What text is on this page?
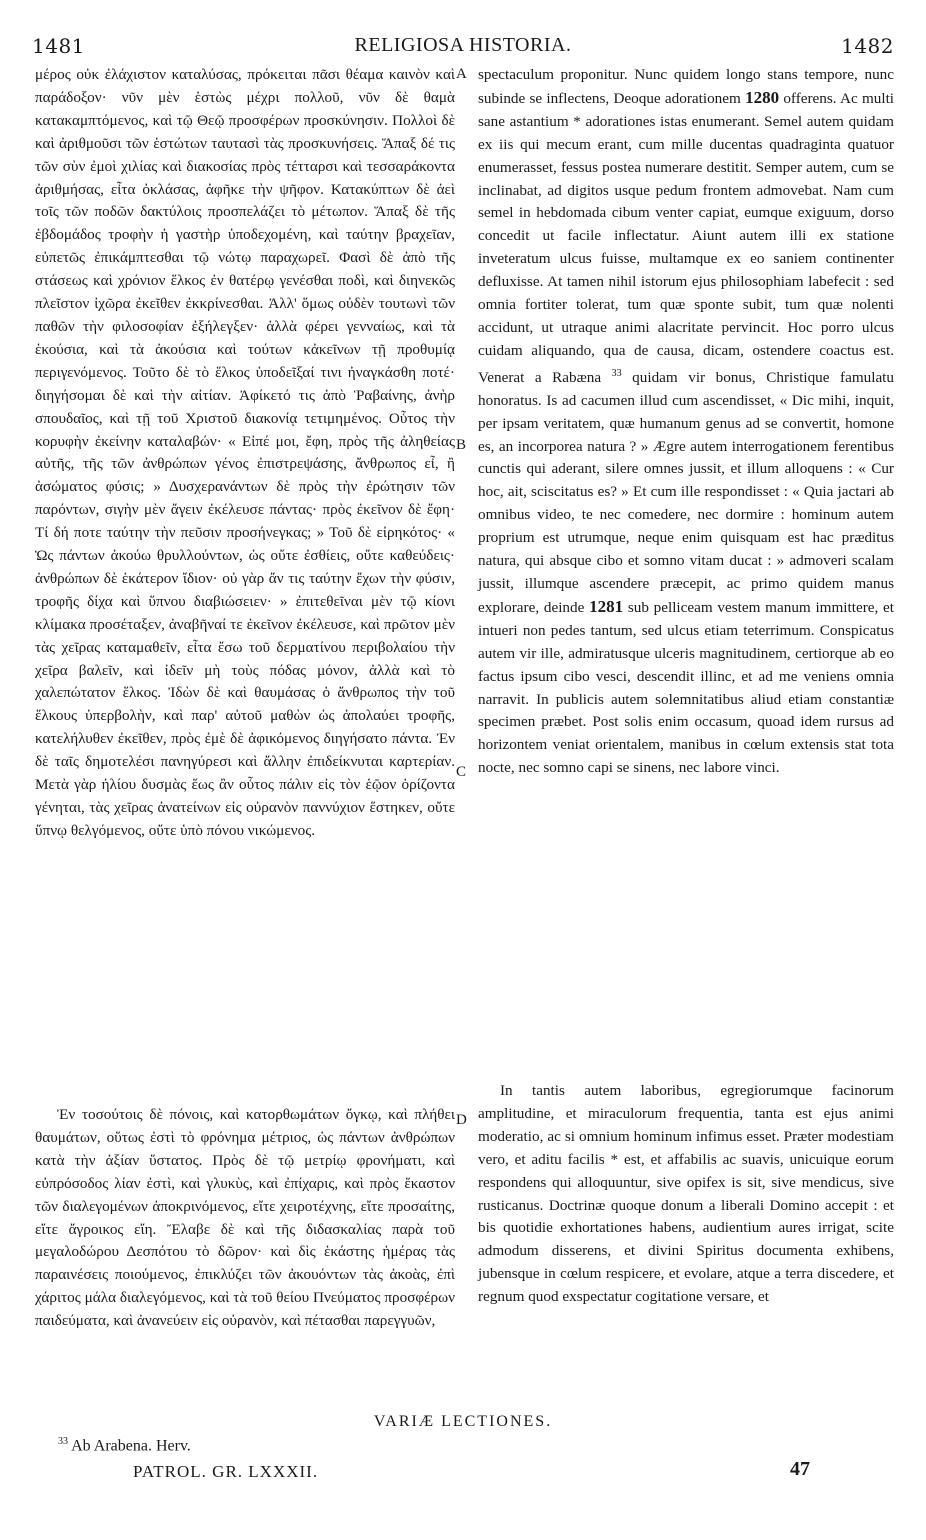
1481	RELIGIOSA HISTORIA.	1482
μέρος οὐκ ἐλάχιστον καταλύσας, πρόκειται πᾶσι θέαμα καινὸν καὶ παράδοξον· νῦν μὲν ἑστὼς μέχρι πολλοῦ, νῦν δὲ θαμὰ κατακαμπτόμενος, καὶ τῷ Θεῷ προσφέρων προσκύνησιν. Πολλοὶ δὲ καὶ ἀριθμοῦσι τῶν ἑστώτων ταυτασὶ τὰς προσκυνήσεις. Ἅπαξ δέ τις τῶν σὺν ἐμοὶ χιλίας καὶ διακοσίας πρὸς τέτταρσι καὶ τεσσαράκοντα ἀριθμήσας, εἶτα ὀκλάσας, ἀφῆκε τὴν ψῆφον. Κατακύπτων δὲ ἀεὶ τοῖς τῶν ποδῶν δακτύλοις προσπελάζει τὸ μέτωπον. Ἅπαξ δὲ τῆς ἑβδομάδος τροφὴν ἡ γαστὴρ ὑποδεχομένη, καὶ ταύτην βραχεῖαν, εὐπετῶς ἐπικάμπτεσθαι τῷ νώτῳ παραχωρεῖ. Φασὶ δὲ ἀπὸ τῆς στάσεως καὶ χρόνιον ἕλκος ἐν θατέρῳ γενέσθαι ποδὶ, καὶ διηνεκῶς πλεῖστον ἰχῶρα ἐκεῖθεν ἐκκρίνεσθαι. Ἀλλ' ὅμως οὐδὲν τουτωνὶ τῶν παθῶν τὴν φιλοσοφίαν ἐξήλεγξεν· ἀλλὰ φέρει γενναίως, καὶ τὰ ἑκούσια, καὶ τὰ ἀκούσια καὶ τούτων κἀκεῖνων τῇ προθυμίᾳ περιγενόμενος. Τοῦτο δὲ τὸ ἕλκος ὑποδεῖξαί τινι ἠναγκάσθη ποτέ· διηγήσομαι δὲ καὶ τὴν αἰτίαν. Ἀφίκετό τις ἀπὸ Ῥαβαίνης, ἀνὴρ σπουδαῖος, καὶ τῇ τοῦ Χριστοῦ διακονίᾳ τετιμημένος. Οὗτος τὴν κορυφὴν ἐκείνην καταλαβών· « Εἰπέ μοι, ἔφη, πρὸς τῆς ἀληθείας αὐτῆς, τῆς τῶν ἀνθρώπων γένος ἐπιστρεψάσης, ἄνθρωπος εἶ, ἢ ἀσώματος φύσις; » Δυσχερανάντων δὲ πρὸς τὴν ἐρώτησιν τῶν παρόντων, σιγὴν μὲν ἄγειν ἐκέλευσε πάντας· πρὸς ἐκεῖνον δὲ ἔφη· Τί δή ποτε ταύτην τὴν πεῦσιν προσήνεγκας; » Τοῦ δὲ εἰρηκότος· « Ὡς πάντων ἀκούω θρυλλούντων, ὡς οὔτε ἐσθίεις, οὔτε καθεύδεις· ἀνθρώπων δὲ ἑκάτερον ἴδιον· οὐ γὰρ ἄν τις ταύτην ἔχων τὴν φύσιν, τροφῆς δίχα καὶ ὕπνου διαβιώσειεν· » ἐπιτεθεῖναι μὲν τῷ κίονι κλίμακα προσέταξεν, ἀναβῆναί τε ἐκεῖνον ἐκέλευσε, καὶ πρῶτον μὲν τὰς χεῖρας καταμαθεῖν, εἶτα ἔσω τοῦ δερματίνου περιβολαίου τὴν χεῖρα βαλεῖν, καὶ ἰδεῖν μὴ τοὺς πόδας μόνον, ἀλλὰ καὶ τὸ χαλεπώτατον ἕλκος. Ἰδὼν δὲ καὶ θαυμάσας ὁ ἄνθρωπος τὴν τοῦ ἕλκους ὑπερβολὴν, καὶ παρ' αὐτοῦ μαθὼν ὡς ἀπολαύει τροφῆς, κατελήλυθεν ἐκεῖθεν, πρὸς ἐμὲ δὲ ἀφικόμενος διηγήσατο πάντα. Ἐν δὲ ταῖς δημοτελέσι πανηγύρεσι καὶ ἄλλην ἐπιδείκνυται καρτερίαν. Μετὰ γὰρ ἡλίου δυσμὰς ἕως ἂν οὗτος πάλιν εἰς τὸν ἑῷον ὁρίζοντα γένηται, τὰς χεῖρας ἀνατείνων εἰς οὐρανὸν παννύχιον ἕστηκεν, οὔτε ὕπνῳ θελγόμενος, οὔτε ὑπὸ πόνου νικώμενος.
spectaculum proponitur. Nunc quidem longo stans tempore, nunc subinde se inflectens, Deoque adorationem 1280 offerens. Ac multi sane astantium * adorationes istas enumerant. Semel autem quidam ex iis qui mecum erant, cum mille ducentas quadraginta quatuor enumerasset, fessus postea numerare destitit. Semper autem, cum se inclinabat, ad digitos usque pedum frontem admovebat. Nam cum semel in hebdomada cibum venter capiat, eumque exiguum, dorso concedit ut facile inflectatur. Aiunt autem illi ex statione inveteratum ulcus fuisse, multamque ex eo saniem continenter defluxisse. At tamen nihil istorum ejus philosophiam labefecit : sed omnia fortiter tolerat, tum quæ sponte subit, tum quæ nolenti accidunt, ut utraque animi alacritate pervincit. Hoc porro ulcus cuidam aliquando, qua de causa, dicam, ostendere coactus est. Venerat a Rabæna $^{33}$ quidam vir bonus, Christique famulatu honoratus. Is ad cacumen illud cum ascendisset, « Dic mihi, inquit, per ipsam veritatem, quæ humanum genus ad se convertit, homone es, an incorporea natura ? » Ægre autem interrogationem ferentibus cunctis qui aderant, silere omnes jussit, et illum alloquens : « Cur hoc, ait, sciscitatus es? » Et cum ille respondisset : « Quia jactari ab omnibus video, te nec comedere, nec dormire : hominum autem proprium est utrumque, neque enim quisquam est hac præditus natura, qui absque cibo et somno vitam ducat : » admoveri scalam jussit, illumque ascendere præcepit, ac primo quidem manus explorare, deinde 1281 sub pelliceam vestem manum immittere, et intueri non pedes tantum, sed ulcus etiam teterrimum. Conspicatus autem vir ille, admiratusque ulceris magnitudinem, certiorque ab eo factus ipsum cibo vesci, descendit illinc, et ad me veniens omnia narravit. In publicis autem solemnitatibus aliud etiam constantiæ specimen præbet. Post solis enim occasum, quoad idem rursus ad horizontem veniat orientalem, manibus in cœlum extensis stat tota nocte, nec somno capi se sinens, nec labore vinci.
A
B
C
D
Ἐν τοσούτοις δὲ πόνοις, καὶ κατορθωμάτων ὄγκῳ, καὶ πλήθει θαυμάτων, οὕτως ἐστὶ τὸ φρόνημα μέτριος, ὡς πάντων ἀνθρώπων κατὰ τὴν ἀξίαν ὕστατος. Πρὸς δὲ τῷ μετρίῳ φρονήματι, καὶ εὐπρόσοδος λίαν ἐστὶ, καὶ γλυκὺς, καὶ ἐπίχαρις, καὶ πρὸς ἕκαστον τῶν διαλεγομένων ἀποκρινόμενος, εἴτε χειροτέχνης, εἴτε προσαίτης, εἴτε ἄγροικος εἴη. Ἔλαβε δὲ καὶ τῆς διδασκαλίας παρὰ τοῦ μεγαλοδώρου Δεσπότου τὸ δῶρον· καὶ δὶς ἑκάστης ἡμέρας τὰς παραινέσεις ποιούμενος, ἐπικλύζει τῶν ἀκουόντων τὰς ἀκοὰς, ἐπὶ χάριτος μάλα διαλεγόμενος, καὶ τὰ τοῦ θείου Πνεύματος προσφέρων παιδεύματα, καὶ ἀνανεύειν εἰς οὐρανὸν, καὶ πέτασθαι παρεγγυῶν,
In tantis autem laboribus, egregiorumque facinorum amplitudine, et miraculorum frequentia, tanta est ejus animi moderatio, ac si omnium hominum infimus esset. Præter modestiam vero, et aditu facilis * est, et affabilis ac suavis, unicuique eorum respondens qui alloquuntur, sive opifex is sit, sive mendicus, sive rusticanus. Doctrinæ quoque donum a liberali Domino accepit : et bis quotidie exhortationes habens, audientium aures irrigat, scite admodum disserens, et divini Spiritus documenta exhibens, jubensque in cœlum respicere, et evolare, atque a terra discedere, et regnum quod exspectatur cogitatione versare, et
VARIÆ LECTIONES.
$^{33}$ Ab Arabena. Herv.
PATROL. GR. LXXXII.	47
